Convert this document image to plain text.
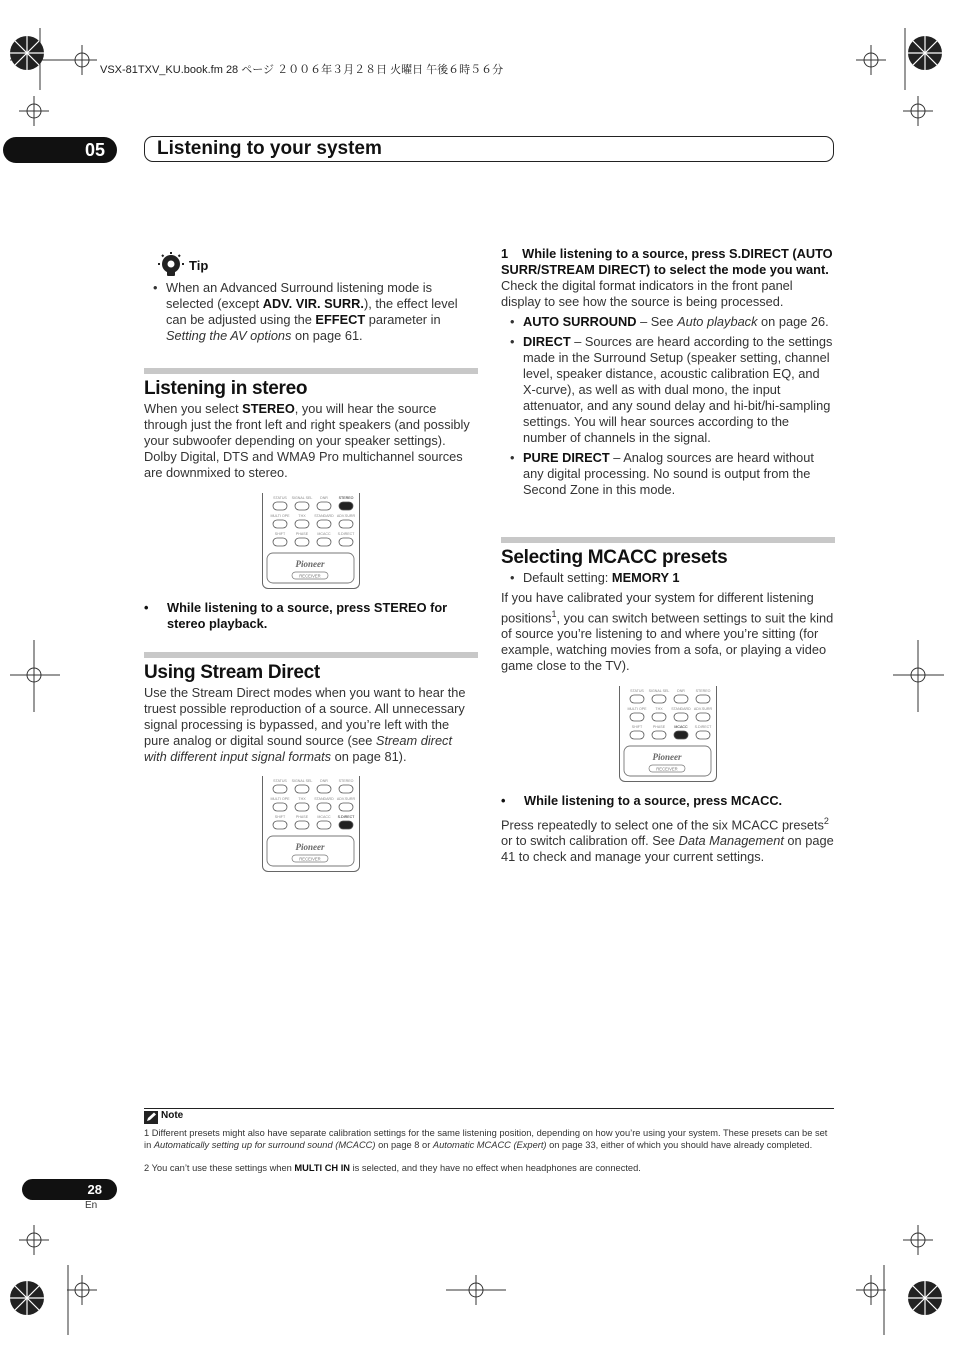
VSX-81TXV_KU.book.fm 28 ページ ２００６年３月２８日 火曜日 午後６時５６分
05	Listening to your system
Tip
• When an Advanced Surround listening mode is selected (except ADV. VIR. SURR.), the effect level can be adjusted using the EFFECT parameter in Setting the AV options on page 61.
Listening in stereo

When you select STEREO, you will hear the source through just the front left and right speakers (and possibly your subwoofer depending on your speaker settings). Dolby Digital, DTS and WMA9 Pro multichannel sources are downmixed to stereo.

STATUS SIGNAL SEL DNR	STEREO
MULTI OPE THX STANDARD ADV.SURR
SHIFT	PHASE	MCACC S.DIRECT
Pioneer
RECEIVER

• While listening to a source, press STEREO for stereo playback.

Using Stream Direct

Use the Stream Direct modes when you want to hear the truest possible reproduction of a source. All unnecessary signal processing is bypassed, and you’re left with the pure analog or digital sound source (see Stream direct with different input signal formats on page 81).

STATUS SIGNAL SEL DNR	STEREO
MULTI OPE THX STANDARD ADV.SURR
SHIFT	PHASE	MCACC S.DIRECT
Pioneer
RECEIVER

1 While listening to a source, press S.DIRECT (AUTO SURR/STREAM DIRECT) to select the mode you want.

Check the digital format indicators in the front panel display to see how the source is being processed.

• AUTO SURROUND – See Auto playback on page 26.
• DIRECT – Sources are heard according to the settings made in the Surround Setup (speaker setting, channel level, speaker distance, acoustic calibration EQ, and X-curve), as well as with dual mono, the input attenuator, and any sound delay and hi-bit/hi-sampling settings. You will hear sources according to the number of channels in the signal.
• PURE DIRECT – Analog sources are heard without any digital processing. No sound is output from the Second Zone in this mode.
Selecting MCACC presets
• Default setting: MEMORY 1

If you have calibrated your system for different listening positions$^1$, you can switch between settings to suit the kind of source you’re listening to and where you’re sitting (for example, watching movies from a sofa, or playing a video game close to the TV).

STATUS SIGNAL SEL DNR	STEREO
MULTI OPE THX STANDARD ADV.SURR
SHIFT	PHASE	MCACC S.DIRECT
Pioneer
RECEIVER

• While listening to a source, press MCACC.

Press repeatedly to select one of the six MCACC presets$^2$ or to switch calibration off. See Data Management on page 41 to check and manage your current settings.

Note
1 Different presets might also have separate calibration settings for the same listening position, depending on how you’re using your system. These presets can be set in Automatically setting up for surround sound (MCACC) on page 8 or Automatic MCACC (Expert) on page 33, either of which you should have already completed.
2 You can’t use these settings when MULTI CH IN is selected, and they have no effect when headphones are connected.
28
En
